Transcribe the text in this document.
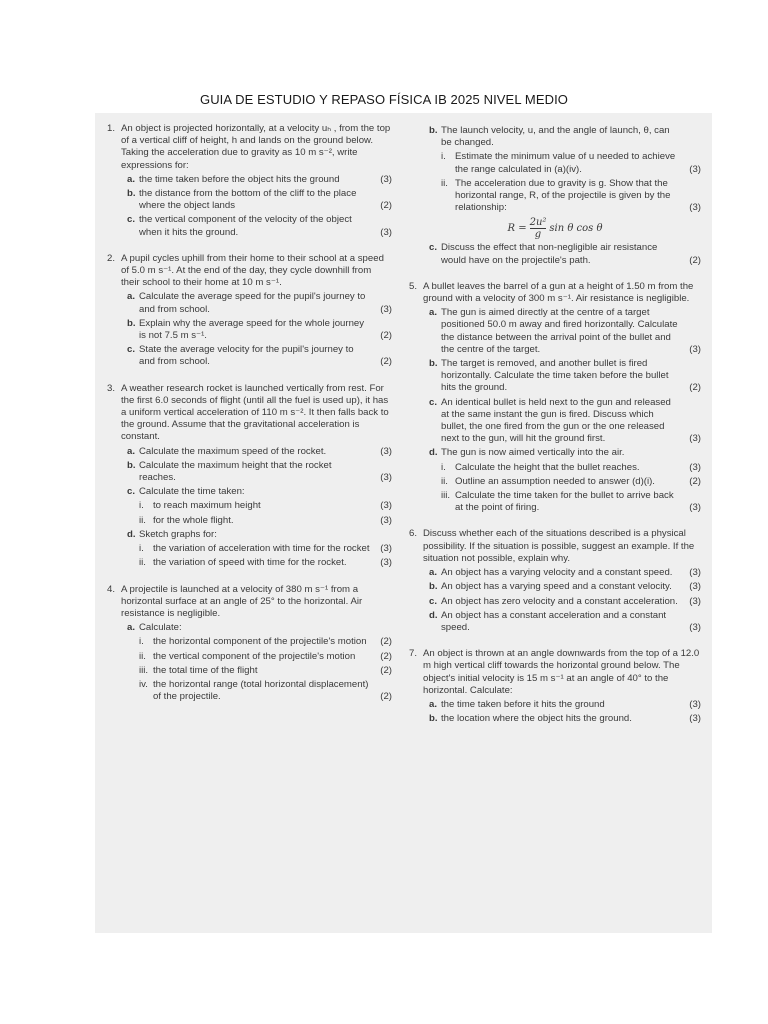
GUIA DE ESTUDIO Y REPASO FÍSICA IB 2025 NIVEL MEDIO
1. An object is projected horizontally, at a velocity uₕ , from the top of a vertical cliff of height, h and lands on the ground below. Taking the acceleration due to gravity as 10 m s⁻², write expressions for:
a. the time taken before the object hits the ground	(3)
b. the distance from the bottom of the cliff to the place where the object lands	(2)
c. the vertical component of the velocity of the object when it hits the ground.	(3)
2. A pupil cycles uphill from their home to their school at a speed of 5.0 m s⁻¹. At the end of the day, they cycle downhill from their school to their home at 10 m s⁻¹.
a. Calculate the average speed for the pupil's journey to and from school.	(3)
b. Explain why the average speed for the whole journey is not 7.5 m s⁻¹.	(2)
c. State the average velocity for the pupil's journey to and from school.	(2)
3. A weather research rocket is launched vertically from rest. For the first 6.0 seconds of flight (until all the fuel is used up), it has a uniform vertical acceleration of 110 m s⁻². It then falls back to the ground. Assume that the gravitational acceleration is constant.
a. Calculate the maximum speed of the rocket.	(3)
b. Calculate the maximum height that the rocket reaches.	(3)
c. Calculate the time taken:
i. to reach maximum height	(3)
ii. for the whole flight.	(3)
d. Sketch graphs for:
i. the variation of acceleration with time for the rocket (3)
ii. the variation of speed with time for the rocket.	(3)
4. A projectile is launched at a velocity of 380 m s⁻¹ from a horizontal surface at an angle of 25° to the horizontal. Air resistance is negligible.
a. Calculate:
i. the horizontal component of the projectile's motion (2)
ii. the vertical component of the projectile's motion	(2)
iii. the total time of the flight	(2)
iv. the horizontal range (total horizontal displacement) of the projectile.	(2)
b. The launch velocity, u, and the angle of launch, θ, can be changed.
i. Estimate the minimum value of u needed to achieve the range calculated in (a)(iv).	(3)
ii. The acceleration due to gravity is g. Show that the horizontal range, R, of the projectile is given by the relationship:	(3)
$R = \frac{\text{2u²}}{g}$ sin θ cos θ
c. Discuss the effect that non-negligible air resistance would have on the projectile's path.	(2)
5. A bullet leaves the barrel of a gun at a height of 1.50 m from the ground with a velocity of 300 m s⁻¹. Air resistance is negligible.
a. The gun is aimed directly at the centre of a target positioned 50.0 m away and fired horizontally. Calculate the distance between the arrival point of the bullet and the centre of the target.	(3)
b. The target is removed, and another bullet is fired horizontally. Calculate the time taken before the bullet hits the ground.	(2)
c. An identical bullet is held next to the gun and released at the same instant the gun is fired. Discuss which bullet, the one fired from the gun or the one released next to the gun, will hit the ground first.	(3)
d. The gun is now aimed vertically into the air.
i. Calculate the height that the bullet reaches.	(3)
ii. Outline an assumption needed to answer (d)(i).	(2)
iii. Calculate the time taken for the bullet to arrive back at the point of firing.	(3)
6. Discuss whether each of the situations described is a physical possibility. If the situation is possible, suggest an example. If the situation not possible, explain why.
a. An object has a varying velocity and a constant speed. (3)
b. An object has a varying speed and a constant velocity. (3)
c. An object has zero velocity and a constant acceleration. (3)
d. An object has a constant acceleration and a constant speed.	(3)
7. An object is thrown at an angle downwards from the top of a 12.0 m high vertical cliff towards the horizontal ground below. The object's initial velocity is 15 m s⁻¹ at an angle of 40° to the horizontal. Calculate:
a. the time taken before it hits the ground	(3)
b. the location where the object hits the ground.	(3)
